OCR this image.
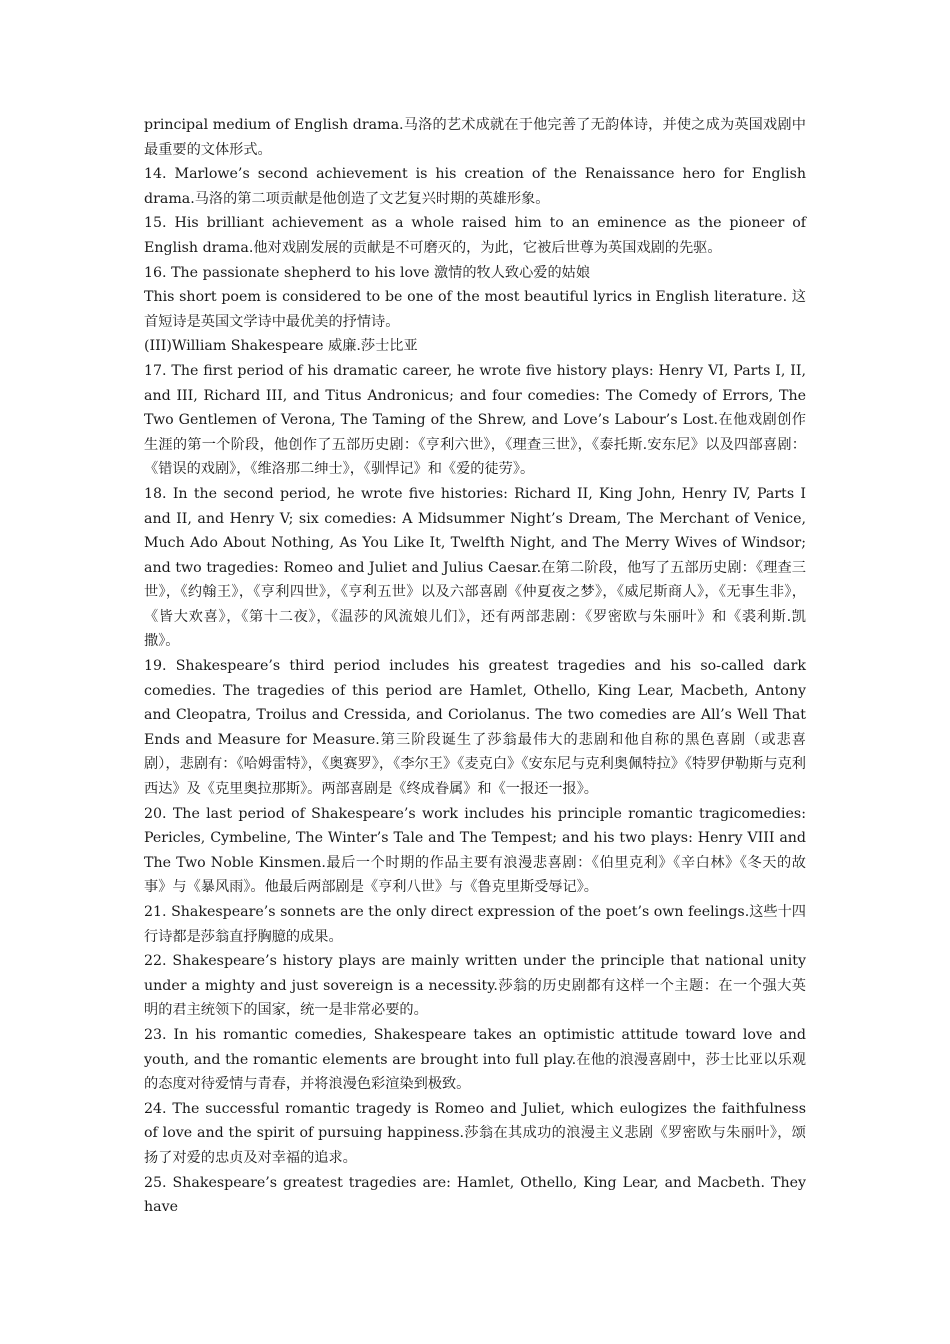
principal medium of English drama.马洛的艺术成就在于他完善了无韵体诗，并使之成为英国戏剧中最重要的文体形式。

14. Marlowe’s second achievement is his creation of the Renaissance hero for English drama.马洛的第二项贡献是他创造了文艺复兴时期的英雄形象。

15. His brilliant achievement as a whole raised him to an eminence as the pioneer of English drama.他对戏剧发展的贡献是不可磨灭的，为此，它被后世尊为英国戏剧的先驱。

16. The passionate shepherd to his love 激情的牧人致心爱的姑娘

This short poem is considered to be one of the most beautiful lyrics in English literature. 这首短诗是英国文学诗中最优美的抒情诗。

(III)William Shakespeare 威廉.莎士比亚

17. The first period of his dramatic career, he wrote five history plays: Henry VI, Parts I, II, and III, Richard III, and Titus Andronicus; and four comedies: The Comedy of Errors, The Two Gentlemen of Verona, The Taming of the Shrew, and Love’s Labour’s Lost.在他戏剧创作生涯的第一个阶段，他创作了五部历史剧：《亨利六世》，《理查三世》，《泰托斯.安东尼》以及四部喜剧：《错误的戏剧》，《维洛那二绅士》，《驯悍记》和《爱的徒劳》。

18. In the second period, he wrote five histories: Richard II, King John, Henry IV, Parts I and II, and Henry V; six comedies: A Midsummer Night’s Dream, The Merchant of Venice, Much Ado About Nothing, As You Like It, Twelfth Night, and The Merry Wives of Windsor; and two tragedies: Romeo and Juliet and Julius Caesar.在第二阶段，他写了五部历史剧：《理查三世》，《约翰王》，《亨利四世》，《亨利五世》以及六部喜剧《仲夏夜之梦》，《威尼斯商人》，《无事生非》，《皆大欢喜》，《第十二夜》，《温莎的风流娘儿们》，还有两部悲剧：《罗密欧与朱丽叶》和《裘利斯.凯撒》。

19. Shakespeare’s third period includes his greatest tragedies and his so-called dark comedies. The tragedies of this period are Hamlet, Othello, King Lear, Macbeth, Antony and Cleopatra, Troilus and Cressida, and Coriolanus. The two comedies are All’s Well That Ends and Measure for Measure.第三阶段诞生了莎翁最伟大的悲剧和他自称的黑色喜剧（或悲喜剧），悲剧有：《哈姆雷特》，《奥赛罗》，《李尔王》《麦克白》《安东尼与克利奥佩特拉》《特罗伊勒斯与克利西达》及《克里奥拉那斯》。两部喜剧是《终成眷属》和《一报还一报》。

20. The last period of Shakespeare’s work includes his principle romantic tragicomedies: Pericles, Cymbeline, The Winter’s Tale and The Tempest; and his two plays: Henry VIII and The Two Noble Kinsmen.最后一个时期的作品主要有浪漫悲喜剧：《伯里克利》《辛白林》《冬天的故事》与《暴风雨》。他最后两部剧是《亨利八世》与《鲁克里斯受辱记》。

21. Shakespeare’s sonnets are the only direct expression of the poet’s own feelings.这些十四行诗都是莎翁直抒胸臆的成果。

22. Shakespeare’s history plays are mainly written under the principle that national unity under a mighty and just sovereign is a necessity.莎翁的历史剧都有这样一个主题：在一个强大英明的君主统领下的国家，统一是非常必要的。

23. In his romantic comedies, Shakespeare takes an optimistic attitude toward love and youth, and the romantic elements are brought into full play.在他的浪漫喜剧中，莎士比亚以乐观的态度对待爱情与青春，并将浪漫色彩渲染到极致。

24. The successful romantic tragedy is Romeo and Juliet, which eulogizes the faithfulness of love and the spirit of pursuing happiness.莎翁在其成功的浪漫主义悲剧《罗密欧与朱丽叶》，颂扬了对爱的忠贞及对幸福的追求。

25. Shakespeare’s greatest tragedies are: Hamlet, Othello, King Lear, and Macbeth. They have
